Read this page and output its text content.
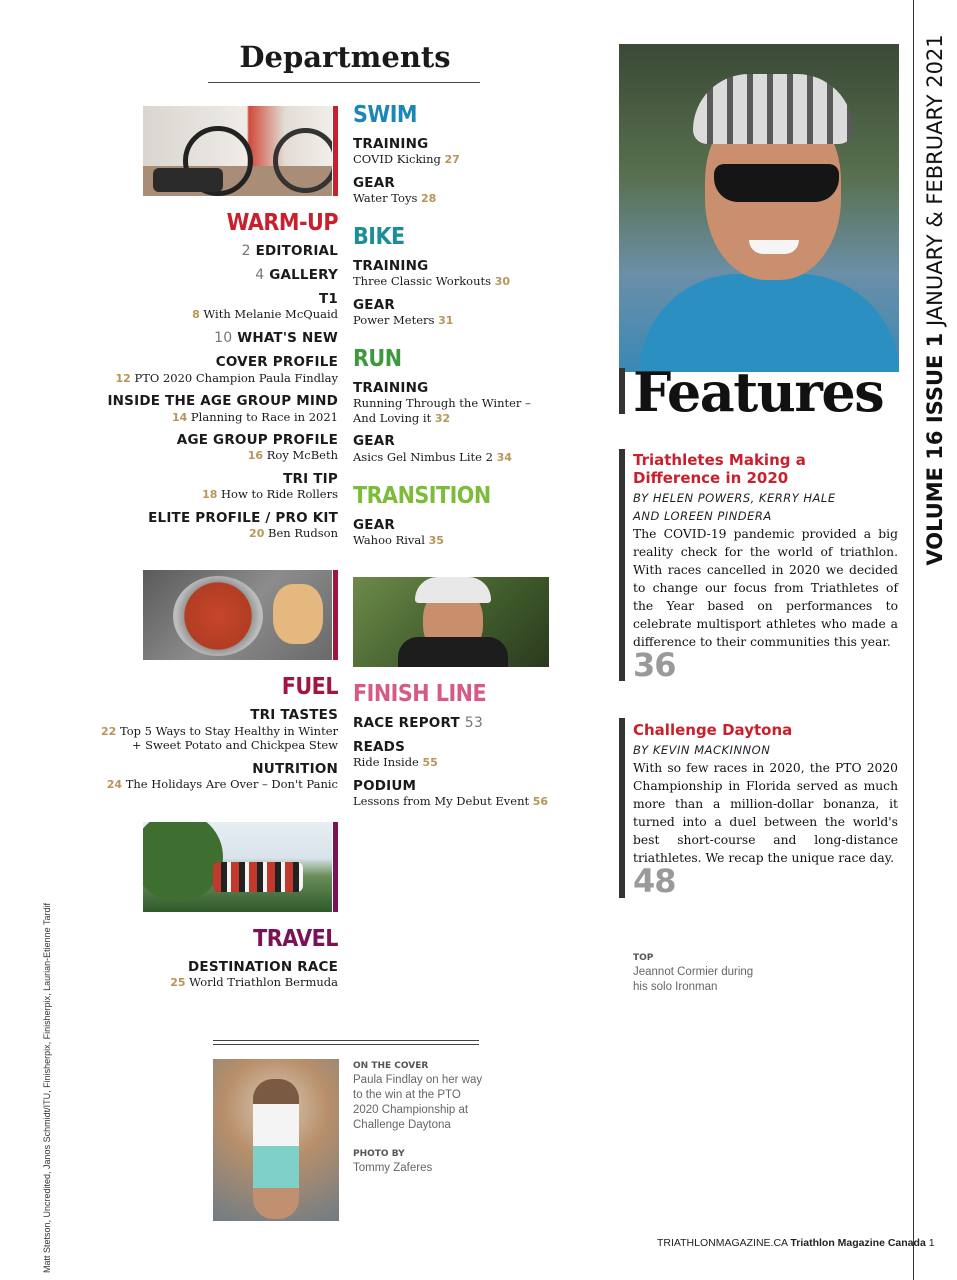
Departments
WARM-UP
2 EDITORIAL
4 GALLERY
T1
8 With Melanie McQuaid
10 WHAT'S NEW
COVER PROFILE
12 PTO 2020 Champion Paula Findlay
INSIDE THE AGE GROUP MIND
14 Planning to Race in 2021
AGE GROUP PROFILE
16 Roy McBeth
TRI TIP
18 How to Ride Rollers
ELITE PROFILE / PRO KIT
20 Ben Rudson
FUEL
TRI TASTES
22 Top 5 Ways to Stay Healthy in Winter
+ Sweet Potato and Chickpea Stew
NUTRITION
24 The Holidays Are Over – Don't Panic
TRAVEL
DESTINATION RACE
25 World Triathlon Bermuda
SWIM
TRAINING
COVID Kicking 27
GEAR
Water Toys 28
BIKE
TRAINING
Three Classic Workouts 30
GEAR
Power Meters 31
RUN
TRAINING
Running Through the Winter –
And Loving it 32
GEAR
Asics Gel Nimbus Lite 2 34
TRANSITION
GEAR
Wahoo Rival 35
FINISH LINE
RACE REPORT 53
READS
Ride Inside 55
PODIUM
Lessons from My Debut Event 56
ON THE COVER
Paula Findlay on her way
to the win at the PTO
2020 Championship at
Challenge Daytona
PHOTO BY
Tommy Zaferes
Features
Triathletes Making a
Difference in 2020
BY HELEN POWERS, KERRY HALE
AND LOREEN PINDERA
The COVID-19 pandemic provided a big reality check for the world of triathlon. With races cancelled in 2020 we decided to change our focus from Triathletes of the Year based on performances to celebrate multisport athletes who made a difference to their communities this year.
36
Challenge Daytona
BY KEVIN MACKINNON
With so few races in 2020, the PTO 2020 Championship in Florida served as much more than a million-dollar bonanza, it turned into a duel between the world's best short-course and long-distance triathletes. We recap the unique race day.
48
TOP
Jeannot Cormier during
his solo Ironman
VOLUME 16 ISSUE 1 JANUARY & FEBRUARY 2021
Matt Stetson, Uncredited, Janos Schmidt/ITU, Finisherpix, Finisherpix, Laurian-Etienne Tardif	TRIATHLONMAGAZINE.CA Triathlon Magazine Canada 1
